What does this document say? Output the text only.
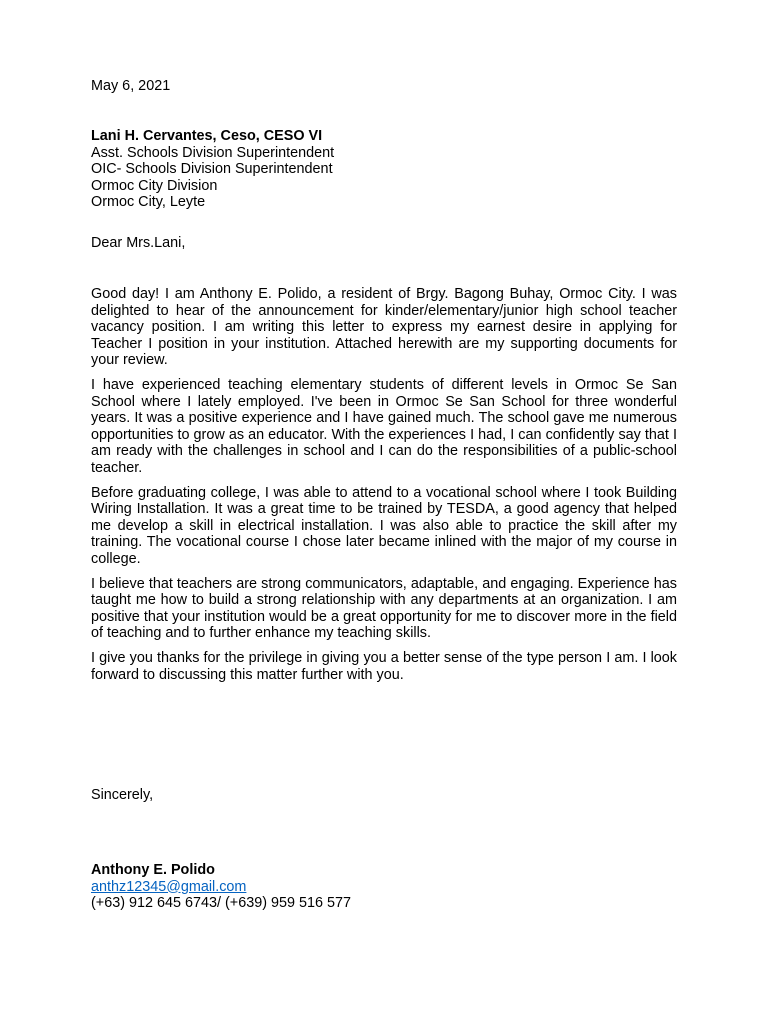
May 6, 2021
Lani H. Cervantes, Ceso, CESO VI
Asst. Schools Division Superintendent
OIC- Schools Division Superintendent
Ormoc City Division
Ormoc City, Leyte
Dear Mrs.Lani,

Good day! I am Anthony E. Polido, a resident of Brgy. Bagong Buhay, Ormoc City. I was delighted to hear of the announcement for kinder/elementary/junior high school teacher vacancy position. I am writing this letter to express my earnest desire in applying for Teacher I position in your institution. Attached herewith are my supporting documents for your review.

I have experienced teaching elementary students of different levels in Ormoc Se San School where I lately employed. I've been in Ormoc Se San School for three wonderful years. It was a positive experience and I have gained much. The school gave me numerous opportunities to grow as an educator. With the experiences I had, I can confidently say that I am ready with the challenges in school and I can do the responsibilities of a public-school teacher.

Before graduating college, I was able to attend to a vocational school where I took Building Wiring Installation. It was a great time to be trained by TESDA, a good agency that helped me develop a skill in electrical installation. I was also able to practice the skill after my training. The vocational course I chose later became inlined with the major of my course in college.

I believe that teachers are strong communicators, adaptable, and engaging. Experience has taught me how to build a strong relationship with any departments at an organization. I am positive that your institution would be a great opportunity for me to discover more in the field of teaching and to further enhance my teaching skills.

I give you thanks for the privilege in giving you a better sense of the type person I am. I look forward to discussing this matter further with you.

Sincerely,
Anthony E. Polido
anthz12345@gmail.com
(+63) 912 645 6743/ (+639) 959 516 577
